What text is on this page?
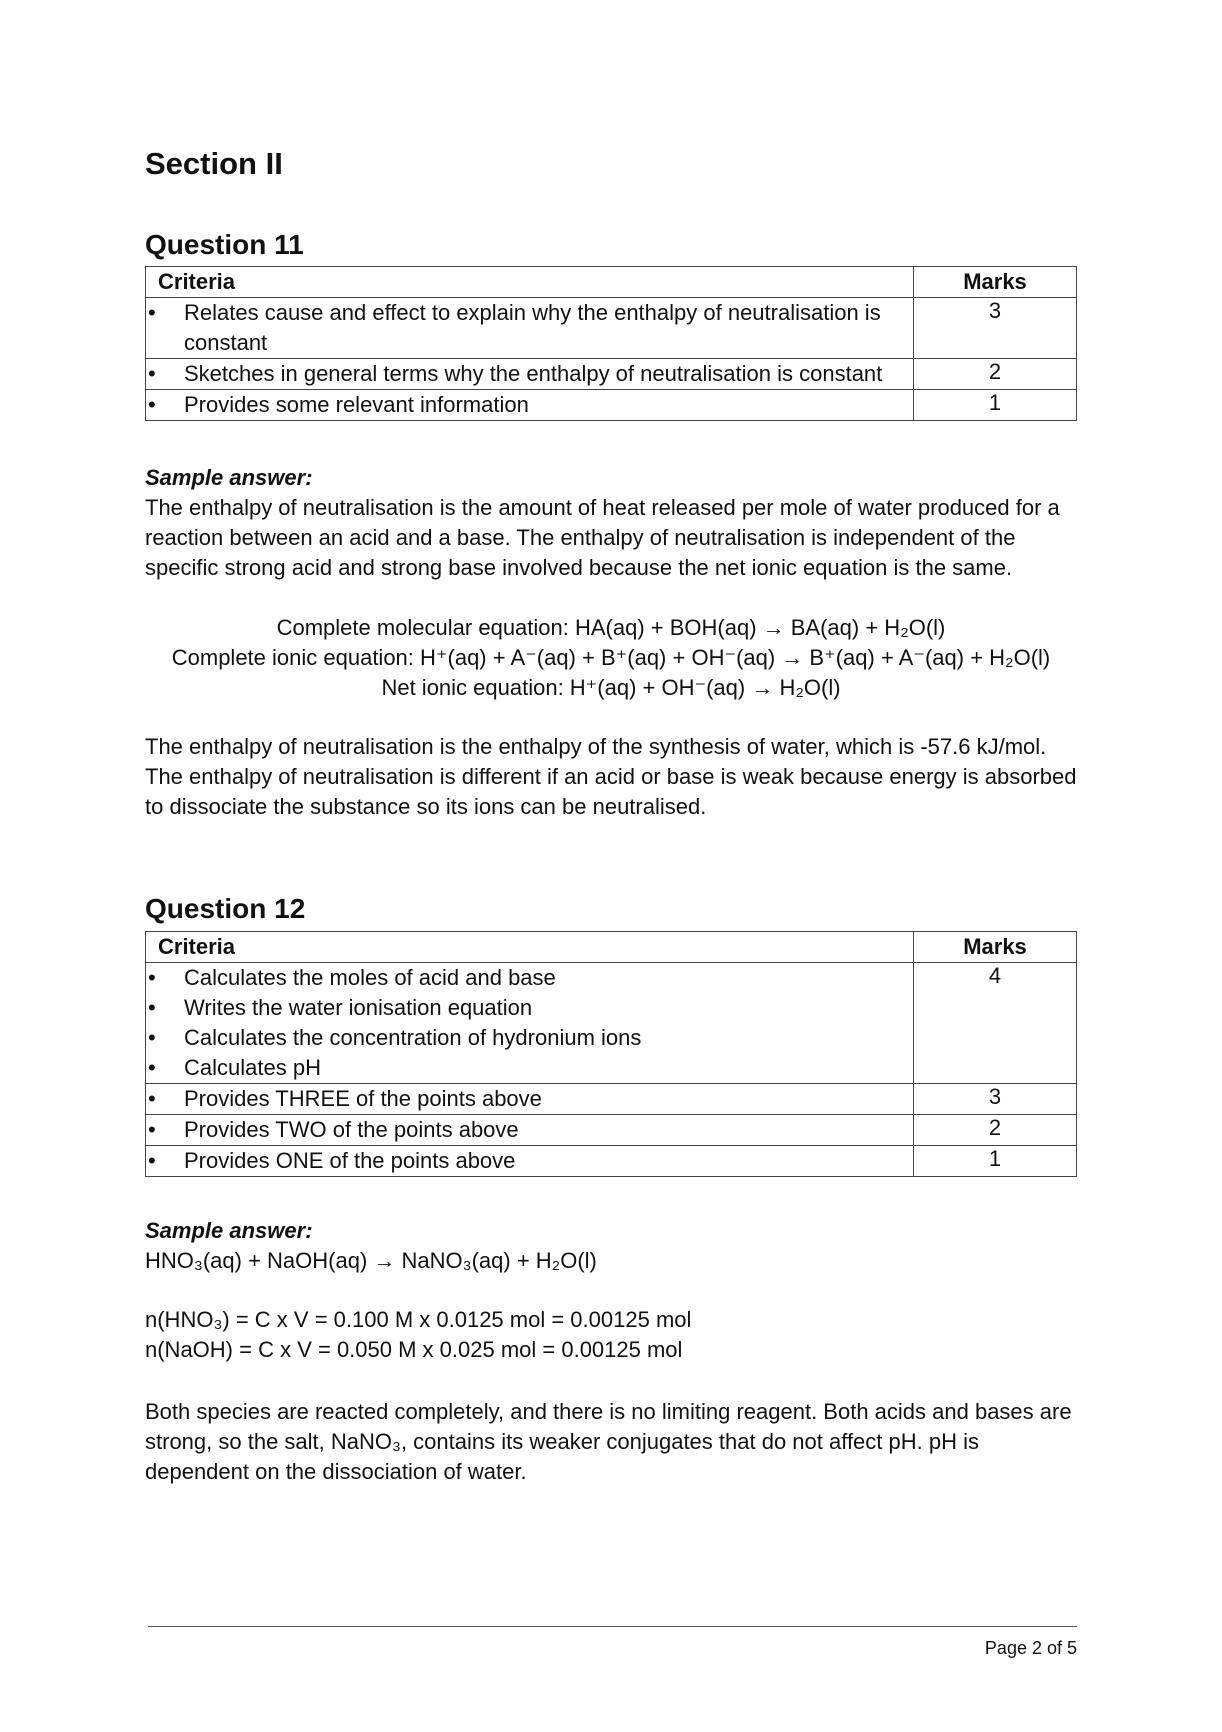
Section II
Question 11
Criteria	Marks

• Relates cause and effect to explain why the enthalpy of neutralisation is constant	3

• Sketches in general terms why the enthalpy of neutralisation is constant	2

• Provides some relevant information	1

Sample answer:

The enthalpy of neutralisation is the amount of heat released per mole of water produced for a reaction between an acid and a base. The enthalpy of neutralisation is independent of the specific strong acid and strong base involved because the net ionic equation is the same.

Complete molecular equation: HA(aq) + BOH(aq) → BA(aq) + H₂O(l)
Complete ionic equation: H⁺(aq) + A⁻(aq) + B⁺(aq) + OH⁻(aq) → B⁺(aq) + A⁻(aq) + H₂O(l)
Net ionic equation: H⁺(aq) + OH⁻(aq) → H₂O(l)

The enthalpy of neutralisation is the enthalpy of the synthesis of water, which is -57.6 kJ/mol. The enthalpy of neutralisation is different if an acid or base is weak because energy is absorbed to dissociate the substance so its ions can be neutralised.

Question 12
Criteria	Marks

• Calculates the moles of acid and base
• Writes the water ionisation equation
• Calculates the concentration of hydronium ions
• Calculates pH	4

• Provides THREE of the points above	3

• Provides TWO of the points above	2

• Provides ONE of the points above	1

Sample answer:

HNO₃(aq) + NaOH(aq) → NaNO₃(aq) + H₂O(l)

n(HNO₃) = C x V = 0.100 M x 0.0125 mol = 0.00125 mol
n(NaOH) = C x V = 0.050 M x 0.025 mol = 0.00125 mol

Both species are reacted completely, and there is no limiting reagent. Both acids and bases are strong, so the salt, NaNO₃, contains its weaker conjugates that do not affect pH. pH is dependent on the dissociation of water.

Page 2 of 5
